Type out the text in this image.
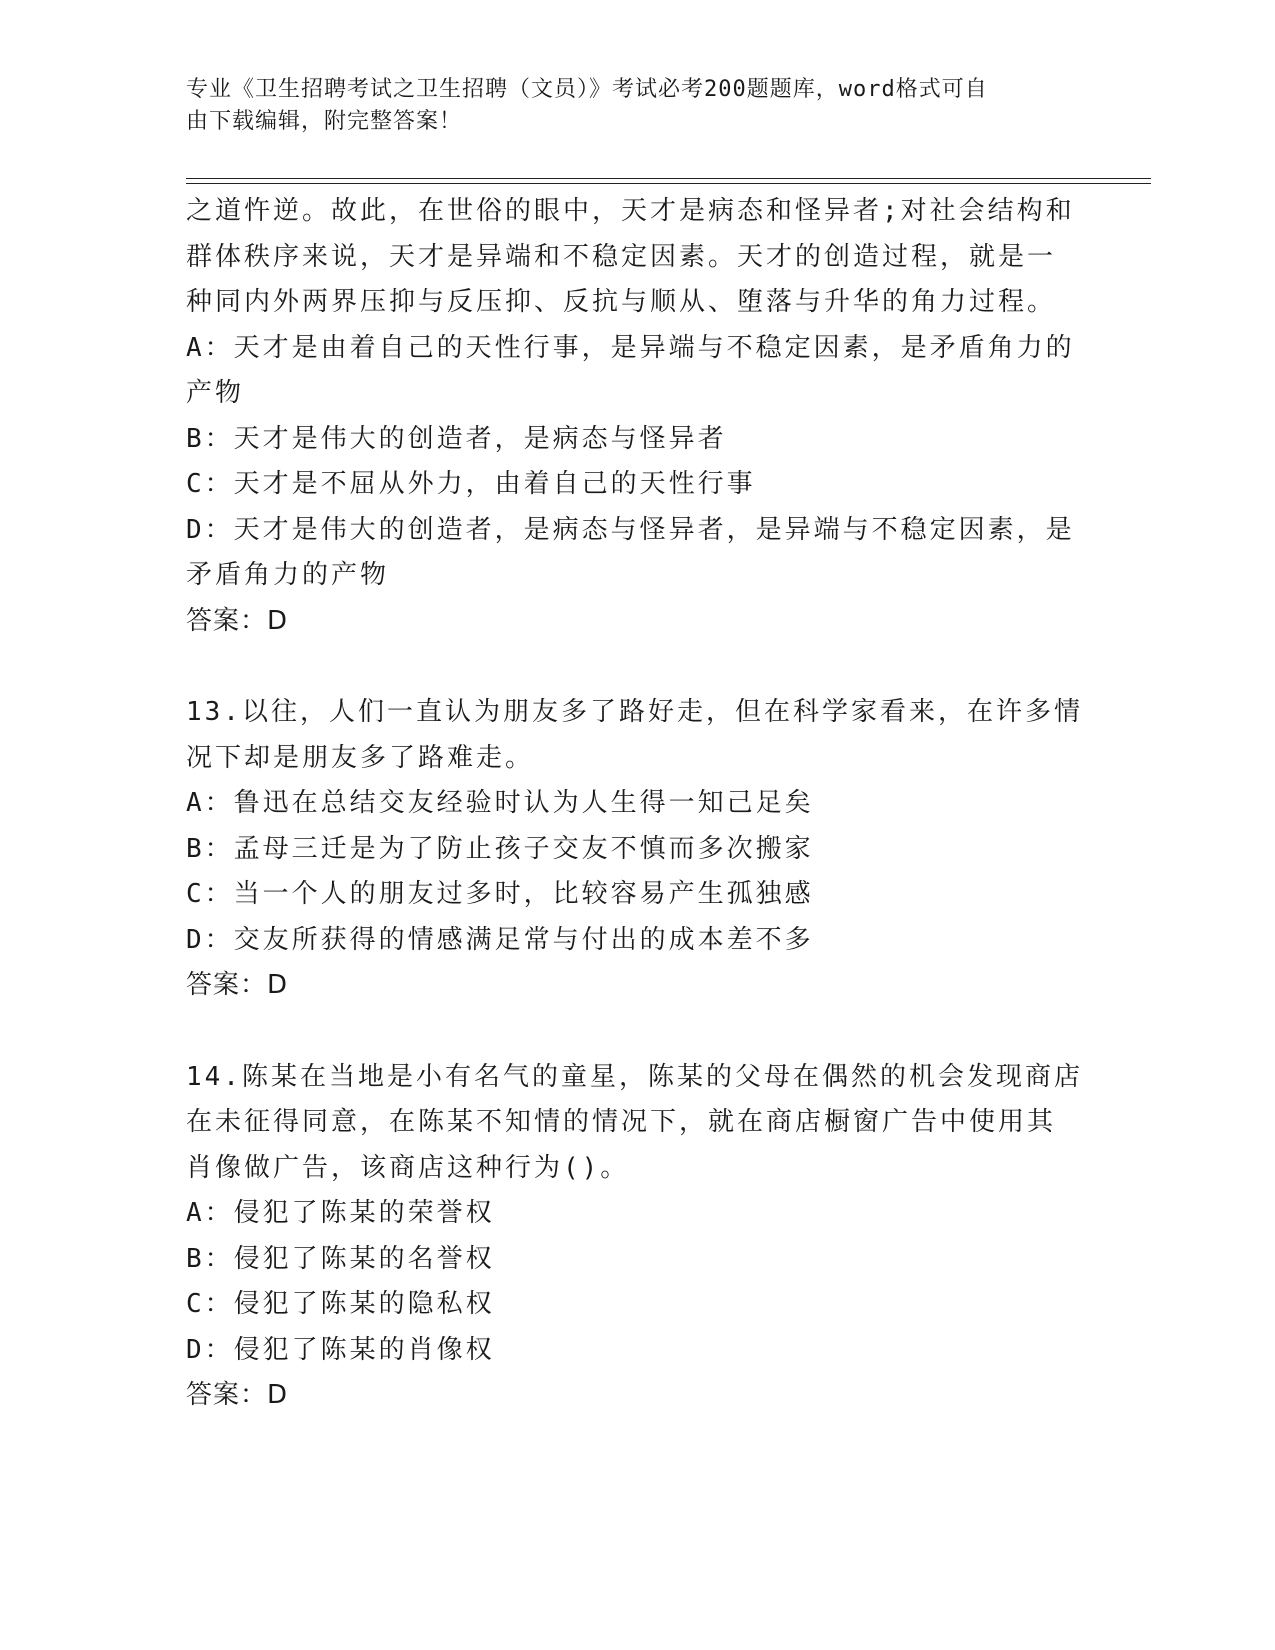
专业《卫生招聘考试之卫生招聘（文员）》考试必考200题题库，word格式可自
由下载编辑，附完整答案！
之道忤逆。故此，在世俗的眼中，天才是病态和怪异者;对社会结构和
群体秩序来说，天才是异端和不稳定因素。天才的创造过程，就是一
种同内外两界压抑与反压抑、反抗与顺从、堕落与升华的角力过程。
A：天才是由着自己的天性行事，是异端与不稳定因素，是矛盾角力的
产物
B：天才是伟大的创造者，是病态与怪异者
C：天才是不屈从外力，由着自己的天性行事
D：天才是伟大的创造者，是病态与怪异者，是异端与不稳定因素，是
矛盾角力的产物
答案：D
13.以往，人们一直认为朋友多了路好走，但在科学家看来，在许多情
况下却是朋友多了路难走。
A：鲁迅在总结交友经验时认为人生得一知己足矣
B：孟母三迁是为了防止孩子交友不慎而多次搬家
C：当一个人的朋友过多时，比较容易产生孤独感
D：交友所获得的情感满足常与付出的成本差不多
答案：D
14.陈某在当地是小有名气的童星，陈某的父母在偶然的机会发现商店
在未征得同意，在陈某不知情的情况下，就在商店橱窗广告中使用其
肖像做广告，该商店这种行为()。
A：侵犯了陈某的荣誉权
B：侵犯了陈某的名誉权
C：侵犯了陈某的隐私权
D：侵犯了陈某的肖像权
答案：D
